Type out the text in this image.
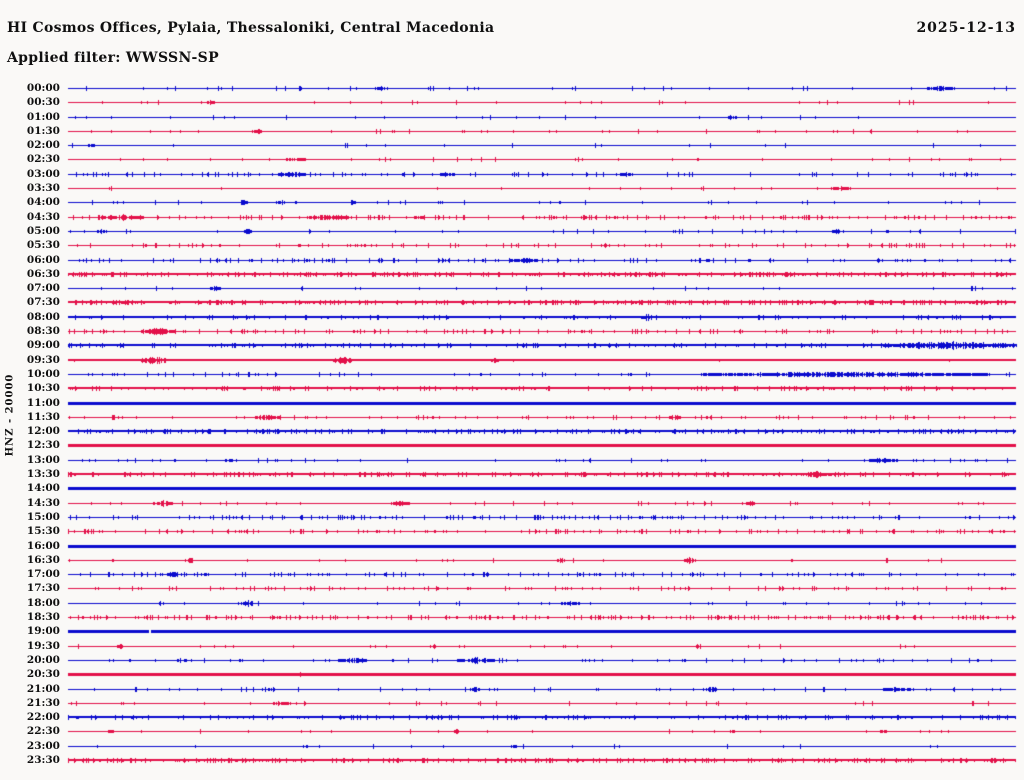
HI Cosmos Offices, Pylaia, Thessaloniki, Central Macedonia	2025-12-13
Applied filter: WWSSN-SP
HNZ - 20000
00:00
00:30
01:00
01:30
02:00
02:30
03:00
03:30
04:00
04:30
05:00
05:30
06:00
06:30
07:00
07:30
08:00
08:30
09:00
09:30
10:00
10:30
11:00
11:30
12:00
12:30
13:00
13:30
14:00
14:30
15:00
15:30
16:00
16:30
17:00
17:30
18:00
18:30
19:00
19:30
20:00
20:30
21:00
21:30
22:00
22:30
23:00
23:30
